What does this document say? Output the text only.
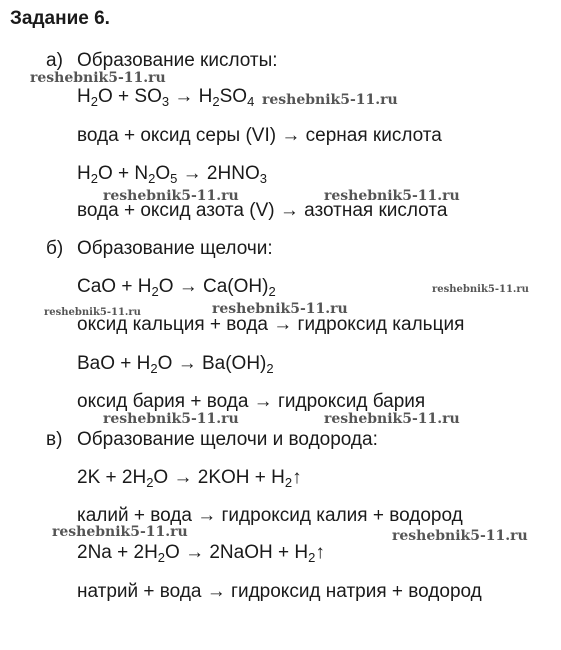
Задание 6.
а) Образование кислоты:
$H_2O + SO_3 \to H_2SO_4$
вода + оксид серы (VI) → серная кислота
$H_2O + N_2O_5 \to 2HNO_3$
вода + оксид азота (V) → азотная кислота
б) Образование щелочи:
CaO + $H_2O \to Ca(OH)_2$
оксид кальция + вода → гидроксид кальция
BaO + $H_2O \to Ba(OH)_2$
оксид бария + вода → гидроксид бария
в) Образование щелочи и водорода:
$2K + 2H_2O \to 2KOH$ + $H_2↑$
калий + вода → гидроксид калия + водород
$2Na + 2H_2O$ → 2NaOH + $H_2↑$
натрий + вода → гидроксид натрия + водород
reshebnik5-11.ru
reshebnik5-11.ru
reshebnik5-11.ru	reshebnik5-11.ru
reshebnik5-11.ru
reshebnik5-11.ru
reshebnik5-11.ru
reshebnik5-11.ru	reshebnik5-11.ru
reshebnik5-11.ru	reshebnik5-11.ru
